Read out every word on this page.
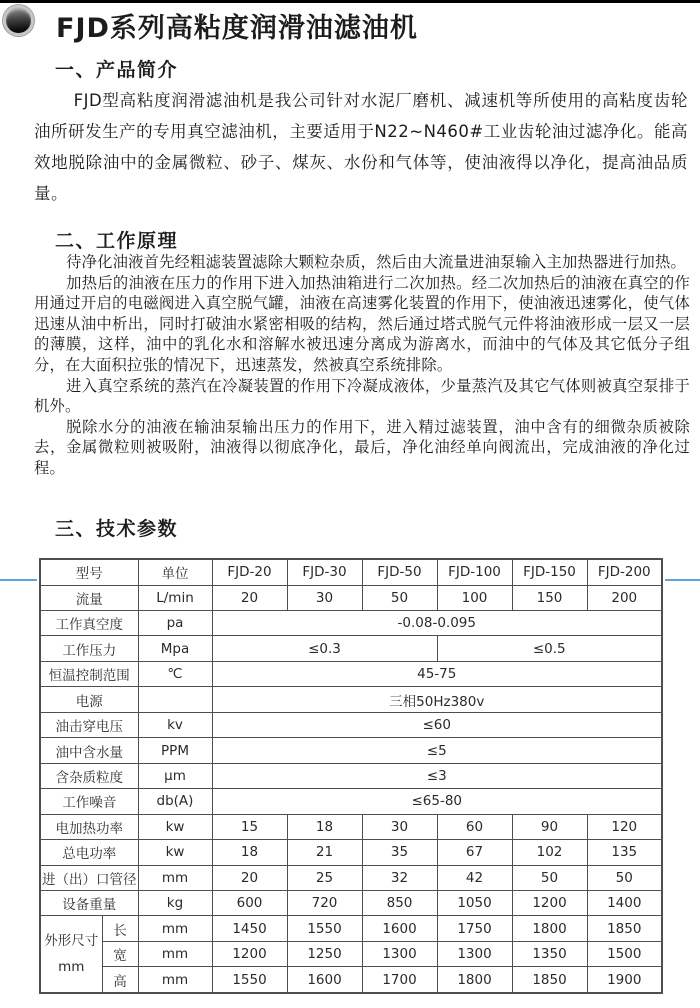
FJD系列高粘度润滑油滤油机
一、产品简介

FJD型高粘度润滑滤油机是我公司针对水泥厂磨机、减速机等所使用的高粘度齿轮油所研发生产的专用真空滤油机，主要适用于N22~N460#工业齿轮油过滤净化。能高效地脱除油中的金属微粒、砂子、煤灰、水份和气体等，使油液得以净化，提高油品质量。

二、工作原理

待净化油液首先经粗滤装置滤除大颗粒杂质，然后由大流量进油泵输入主加热器进行加热。

加热后的油液在压力的作用下进入加热油箱进行二次加热。经二次加热后的油液在真空的作用通过开启的电磁阀进入真空脱气罐，油液在高速雾化装置的作用下，使油液迅速雾化，使气体迅速从油中析出，同时打破油水紧密相吸的结构，然后通过塔式脱气元件将油液形成一层又一层的薄膜，这样，油中的乳化水和溶解水被迅速分离成为游离水，而油中的气体及其它低分子组分，在大面积拉张的情况下，迅速蒸发，然被真空系统排除。

进入真空系统的蒸汽在冷凝装置的作用下冷凝成液体，少量蒸汽及其它气体则被真空泵排于机外。

脱除水分的油液在输油泵输出压力的作用下，进入精过滤装置，油中含有的细微杂质被除去，金属微粒则被吸附，油液得以彻底净化，最后，净化油经单向阀流出，完成油液的净化过程。

三、技术参数
型号		单位	FJD-20	FJD-30	FJD-50	FJD-100	FJD-150	FJD-200
流量		L/min	20	30	50	100	150	200
工作真空度		pa	-0.08-0.095					
工作压力		Mpa	≤0.3			≤0.5		
恒温控制范围		℃	45-75					
电源			三相50Hz380v					
油击穿电压		kv	≤60					
油中含水量		PPM	≤5					
含杂质粒度		μm	≤3					
工作噪音		db(A)	≤65-80					
电加热功率		kw	15	18	30	60	90	120
总电功率		kw	18	21	35	67	102	135
进（出）口管径		mm	20	25	32	42	50	50
设备重量		kg	600	720	850	1050	1200	1400

外形尺寸
mm	长	mm	1450	1550	1600	1750	1800	1850
	宽	mm	1200	1250	1300	1300	1350	1500
	高	mm	1550	1600	1700	1800	1850	1900
